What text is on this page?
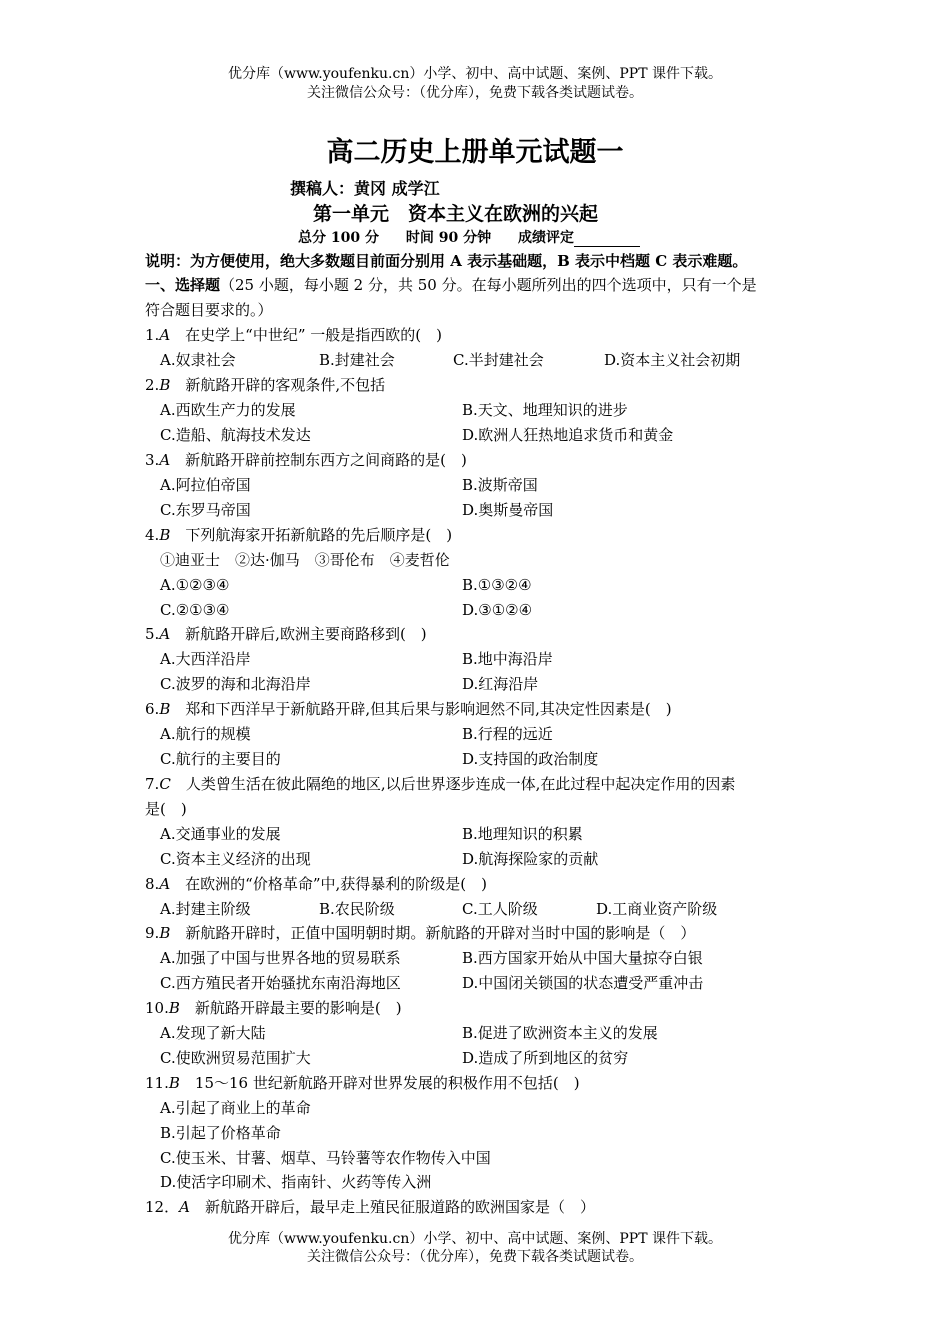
优分库（www.youfenku.cn）小学、初中、高中试题、案例、PPT 课件下载。
关注微信公众号：（优分库），免费下载各类试题试卷。
高二历史上册单元试题一
撰稿人：黄冈 成学江
第一单元　资本主义在欧洲的兴起
总分 100 分 时间 90 分钟 成绩评定
说明：为方便使用，绝大多数题目前面分别用 A 表示基础题，B 表示中档题 C 表示难题。
一、选择题（25 小题，每小题 2 分，共 50 分。在每小题所列出的四个选项中，只有一个是
符合题目要求的。）
1.A　 在史学上“中世纪” 一般是指西欧的(　)
A.奴隶社会	B.封建社会	C.半封建社会	D.资本主义社会初期
2.B　 新航路开辟的客观条件,不包括
A.西欧生产力的发展	B.天文、地理知识的进步
C.造船、航海技术发达	D.欧洲人狂热地追求货币和黄金
3.A　 新航路开辟前控制东西方之间商路的是(　)
A.阿拉伯帝国	B.波斯帝国
C.东罗马帝国	D.奥斯曼帝国
4.B　 下列航海家开拓新航路的先后顺序是(　)
①迪亚士　②达·伽马　③哥伦布　④麦哲伦
A.①②③④	B.①③②④
C.②①③④	D.③①②④
5.A　 新航路开辟后,欧洲主要商路移到(　)
A.大西洋沿岸	B.地中海沿岸
C.波罗的海和北海沿岸	D.红海沿岸
6.B　 郑和下西洋早于新航路开辟,但其后果与影响迥然不同,其决定性因素是(　)
A.航行的规模	B.行程的远近
C.航行的主要目的	D.支持国的政治制度
7.C　 人类曾生活在彼此隔绝的地区,以后世界逐步连成一体,在此过程中起决定作用的因素
是(　)
A.交通事业的发展	B.地理知识的积累
C.资本主义经济的出现	D.航海探险家的贡献
8.A　 在欧洲的“价格革命”中,获得暴利的阶级是(　)
A.封建主阶级	B.农民阶级	C.工人阶级	D.工商业资产阶级
9.B　 新航路开辟时，正值中国明朝时期。新航路的开辟对当时中国的影响是（　）
A.加强了中国与世界各地的贸易联系	B.西方国家开始从中国大量掠夺白银
C.西方殖民者开始骚扰东南沿海地区	D.中国闭关锁国的状态遭受严重冲击
10.B　 新航路开辟最主要的影响是(　)
A.发现了新大陆	B.促进了欧洲资本主义的发展
C.使欧洲贸易范围扩大	D.造成了所到地区的贫穷
11.B　 15～16 世纪新航路开辟对世界发展的积极作用不包括(　)
A.引起了商业上的革命
B.引起了价格革命
C.使玉米、甘薯、烟草、马铃薯等农作物传入中国
D.使活字印刷术、指南针、火药等传入洲
12．A　 新航路开辟后，最早走上殖民征服道路的欧洲国家是（　）
优分库（www.youfenku.cn）小学、初中、高中试题、案例、PPT 课件下载。
关注微信公众号：（优分库），免费下载各类试题试卷。
